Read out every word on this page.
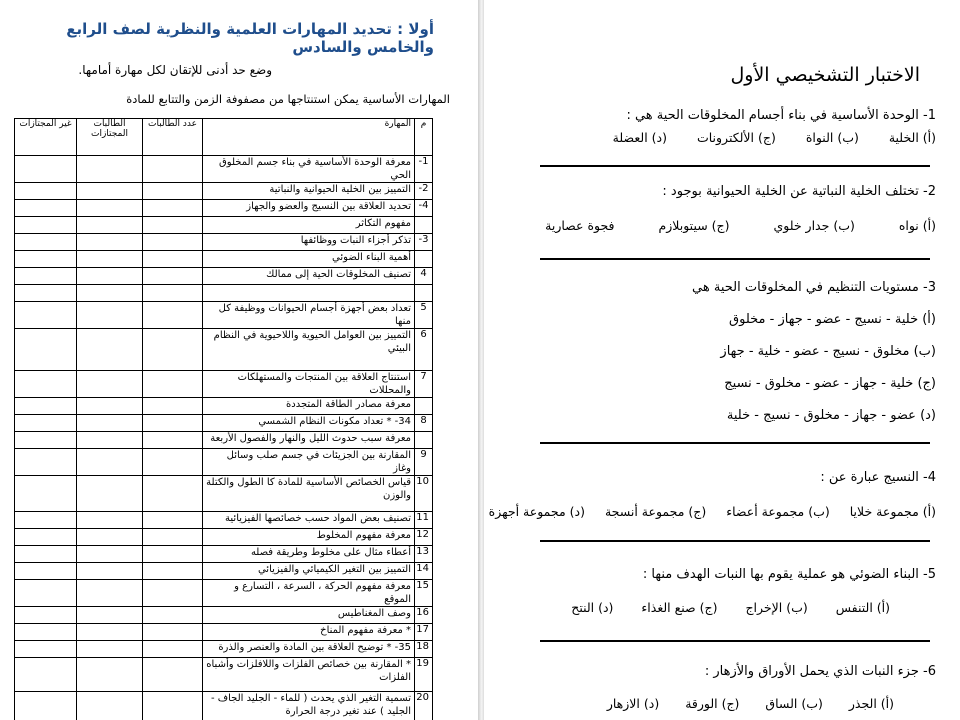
أولا : تحديد المهارات العلمية والنظرية لصف الرابع والخامس والسادس
وضع حد أدنى للإتقان لكل مهارة أمامها.
المهارات الأساسية يمكن استنتاجها من مصفوفة الزمن والتتابع للمادة
م	المهارة	عدد الطالبات	الطالبات المجتازات	غير المجتازات
1-	معرفة الوحدة الأساسية في بناء جسم المخلوق الحي			
2-	التمييز بين الخلية الحيوانية والنباتية			
4-	تحديد العلاقة بين النسيج والعضو والجهاز			
	مفهوم التكاثر			
3-	تذكر أجزاء النبات ووظائفها			
	أهمية البناء الضوئي			
4	تصنيف المخلوقات الحية إلى ممالك			

5	تعداد بعض أجهزة أجسام الحيوانات ووظيفة كل منها			
6	التمييز بين العوامل الحيوية واللاحيوية في النظام البيئي			
7	استنتاج العلاقة بين المنتجات والمستهلكات والمحللات			
	معرفة مصادر الطاقة المتجددة			
8	34- * تعداد مكونات النظام الشمسي			
	معرفة سبب حدوث الليل والنهار والفصول الأربعة			
9	المقارنة بين الجزيئات في جسم صلب وسائل وغاز			
10	قياس الخصائص الأساسية للمادة كا الطول والكتلة والوزن			
11	تصنيف بعض المواد حسب خصائصها الفيزيائية			
12	معرفة مفهوم المخلوط			
13	أعطاء مثال على مخلوط وطريقة فصله			
14	التمييز بين التغير الكيميائي والفيزيائي			
15	معرفة مفهوم الحركة ، السرعة ، التسارع و الموقع			
16	وصف المغناطيس			
17	* معرفة مفهوم المناخ			
18	35- * توضيح العلاقة بين المادة والعنصر والذرة			
19	* المقارنة بين خصائص الفلزات واللافلزات وأشباه الفلزات			
20	تسمية التغير الذي يحدث ( للماء - الجليد الجاف - الجليد ) عند تغير درجة الحرارة			
الاختبار التشخيصي الأول
1- الوحدة الأساسية في بناء أجسام المخلوقات الحية هي :
(أ) الخلية (ب) النواة (ج) الألكترونات (د) العضلة
2- تختلف الخلية النباتية عن الخلية الحيوانية بوجود :
(أ) نواه (ب) جدار خلوي (ج) سيتوبلازم فجوة عصارية
3- مستويات التنظيم في المخلوقات الحية هي
(أ) خلية - نسيج - عضو - جهاز - مخلوق
(ب) مخلوق - نسيج - عضو - خلية - جهاز
(ج) خلية - جهاز - عضو - مخلوق - نسيج
(د) عضو - جهاز - مخلوق - نسيج - خلية
4- النسيج عبارة عن :
(أ) مجموعة خلايا (ب) مجموعة أعضاء (ج) مجموعة أنسجة (د) مجموعة أجهزة
5- البناء الضوئي هو عملية يقوم بها النبات الهدف منها :
(أ) التنفس (ب) الإخراج (ج) صنع الغذاء (د) النتح
6- جزء النبات الذي يحمل الأوراق والأزهار :
(أ) الجذر (ب) الساق (ج) الورقة (د) الازهار
